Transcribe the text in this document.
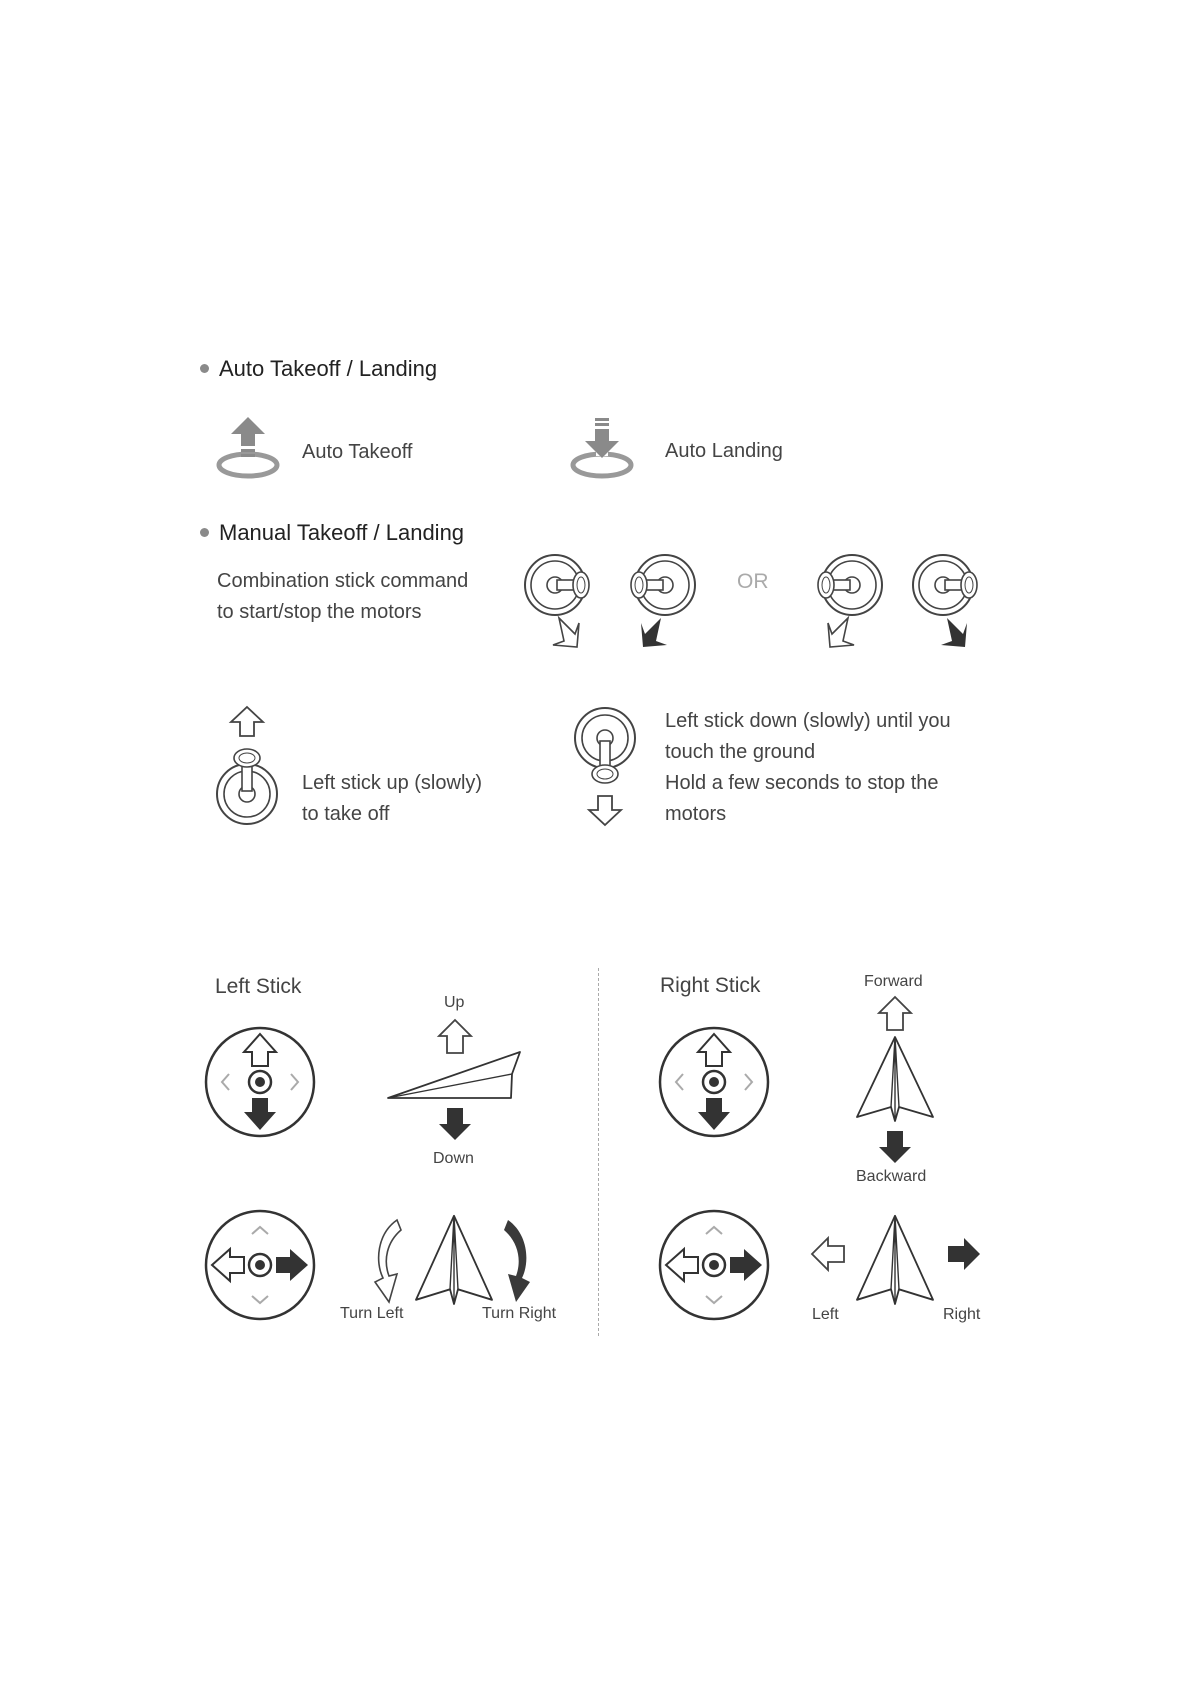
Auto Takeoff / Landing
Auto Takeoff	Auto Landing
Manual Takeoff / Landing
Combination stick command
to start/stop the motors
OR
Left stick up (slowly)
to take off
Left stick down (slowly) until you
touch the ground
Hold a few seconds to stop the
motors
Left Stick
Up
Down
Turn Left	Turn Right
Right Stick	Forward
Backward
Left	Right
